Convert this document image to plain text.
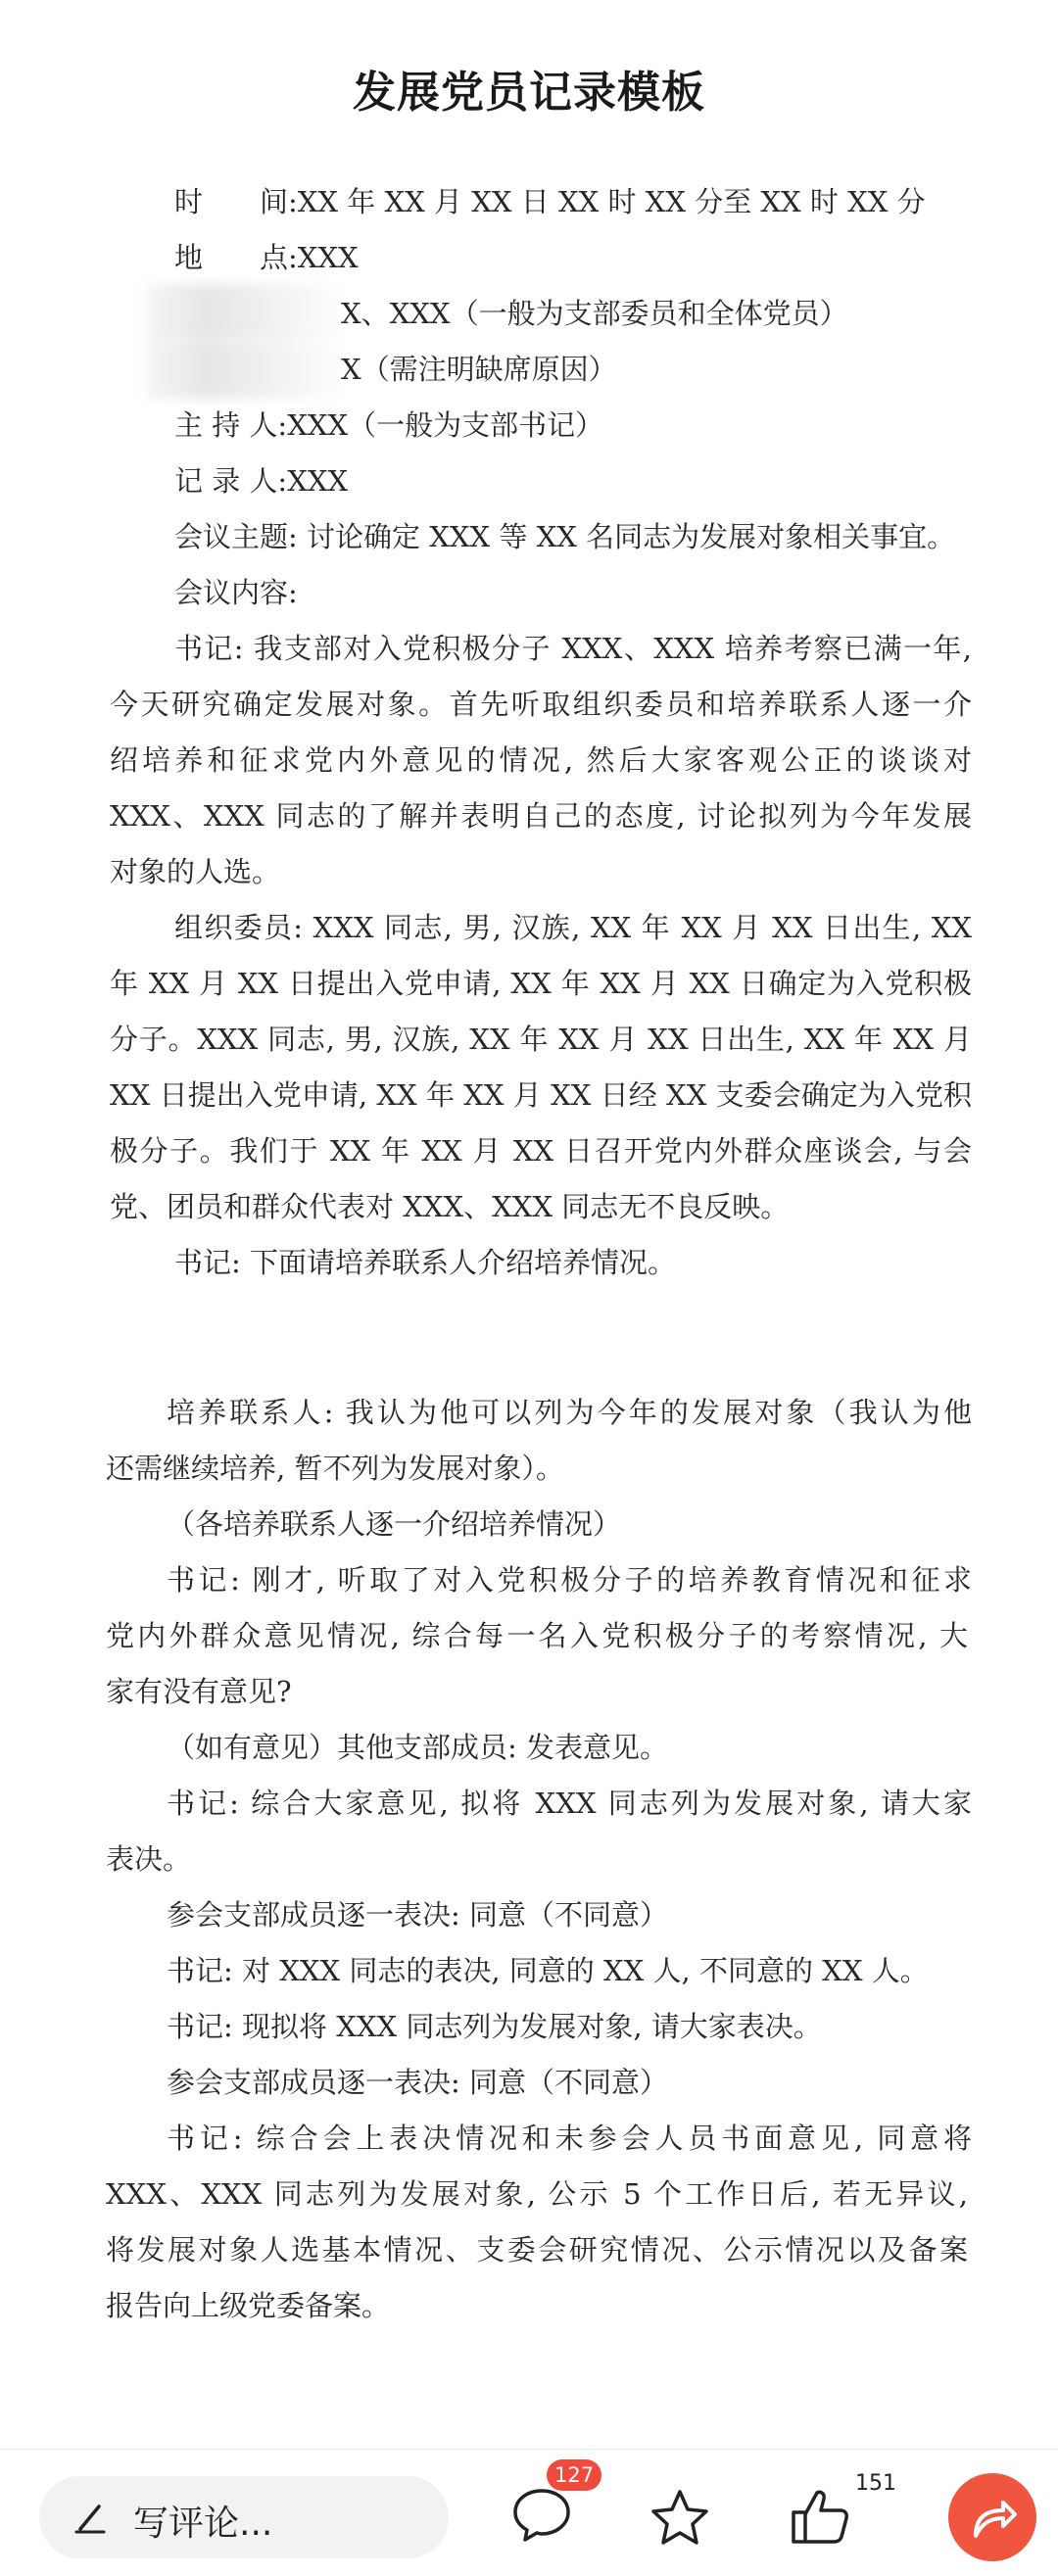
发展党员记录模板
时　　间:XX 年 XX 月 XX 日 XX 时 XX 分至 XX 时 XX 分
地　　点:XXX
X、XXX（一般为支部委员和全体党员）
X（需注明缺席原因）
主 持 人:XXX（一般为支部书记）
记 录 人:XXX
会议主题: 讨论确定 XXX 等 XX 名同志为发展对象相关事宜。
会议内容:
书记: 我支部对入党积极分子 XXX、XXX 培养考察已满一年,
今天研究确定发展对象。首先听取组织委员和培养联系人逐一介
绍培养和征求党内外意见的情况, 然后大家客观公正的谈谈对
XXX、XXX 同志的了解并表明自己的态度, 讨论拟列为今年发展
对象的人选。
组织委员: XXX 同志, 男, 汉族, XX 年 XX 月 XX 日出生, XX
年 XX 月 XX 日提出入党申请, XX 年 XX 月 XX 日确定为入党积极
分子。XXX 同志, 男, 汉族, XX 年 XX 月 XX 日出生, XX 年 XX 月
XX 日提出入党申请, XX 年 XX 月 XX 日经 XX 支委会确定为入党积
极分子。我们于 XX 年 XX 月 XX 日召开党内外群众座谈会, 与会
党、团员和群众代表对 XXX、XXX 同志无不良反映。
书记: 下面请培养联系人介绍培养情况。
培养联系人: 我认为他可以列为今年的发展对象（我认为他
还需继续培养, 暂不列为发展对象）。
（各培养联系人逐一介绍培养情况）
书记: 刚才, 听取了对入党积极分子的培养教育情况和征求
党内外群众意见情况, 综合每一名入党积极分子的考察情况, 大
家有没有意见?
（如有意见）其他支部成员: 发表意见。
书记: 综合大家意见, 拟将 XXX 同志列为发展对象, 请大家
表决。
参会支部成员逐一表决: 同意（不同意）
书记: 对 XXX 同志的表决, 同意的 XX 人, 不同意的 XX 人。
书记: 现拟将 XXX 同志列为发展对象, 请大家表决。
参会支部成员逐一表决: 同意（不同意）
书记: 综合会上表决情况和未参会人员书面意见, 同意将
XXX、XXX 同志列为发展对象, 公示 5 个工作日后, 若无异议,
将发展对象人选基本情况、支委会研究情况、公示情况以及备案
报告向上级党委备案。
写评论...
127	151
